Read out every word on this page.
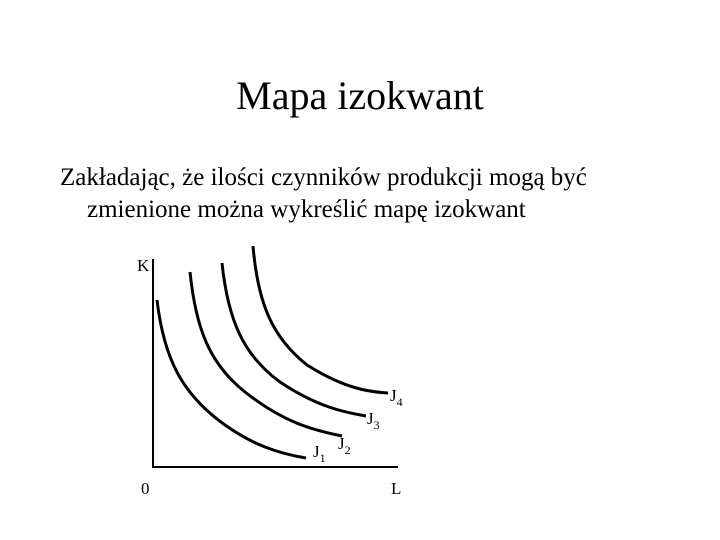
Mapa izokwant
Zakładając, że ilości czynników produkcji mogą być
zmienione można wykreślić mapę izokwant
K
L
0
$J_1$
$J_2$
$J_3$
$J_4$
